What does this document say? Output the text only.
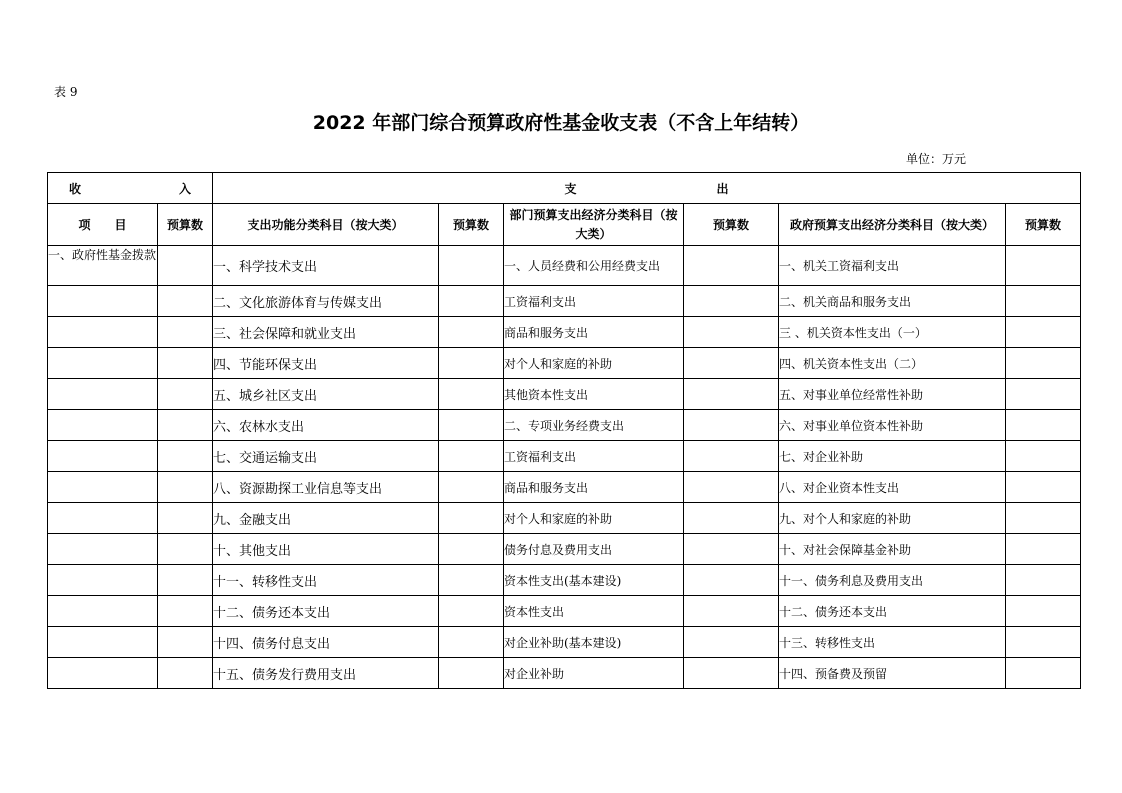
表 9
2022 年部门综合预算政府性基金收支表（不含上年结转）
单位：万元
收 入		支 出					
项　　目	预算数	支出功能分类科目（按大类）	预算数	部门预算支出经济分类科目（按大类）	预算数	政府预算支出经济分类科目（按大类）	预算数
一、政府性基金拨款		一、科学技术支出		一、人员经费和公用经费支出		一、机关工资福利支出	
		二、文化旅游体育与传媒支出		工资福利支出		二、机关商品和服务支出	
		三、社会保障和就业支出		商品和服务支出		三 、机关资本性支出（一）	
		四、节能环保支出		对个人和家庭的补助		四、机关资本性支出（二）	
		五、城乡社区支出		其他资本性支出		五、对事业单位经常性补助	
		六、农林水支出		二、专项业务经费支出		六、对事业单位资本性补助	
		七、交通运输支出		工资福利支出		七、对企业补助	
		八、资源勘探工业信息等支出		商品和服务支出		八、对企业资本性支出	
		九、金融支出		对个人和家庭的补助		九、对个人和家庭的补助	
		十、其他支出		债务付息及费用支出		十、对社会保障基金补助	
		十一、转移性支出		资本性支出(基本建设)		十一、债务利息及费用支出	
		十二、债务还本支出		资本性支出		十二、债务还本支出	
		十四、债务付息支出		对企业补助(基本建设)		十三、转移性支出	
		十五、债务发行费用支出		对企业补助		十四、预备费及预留	
